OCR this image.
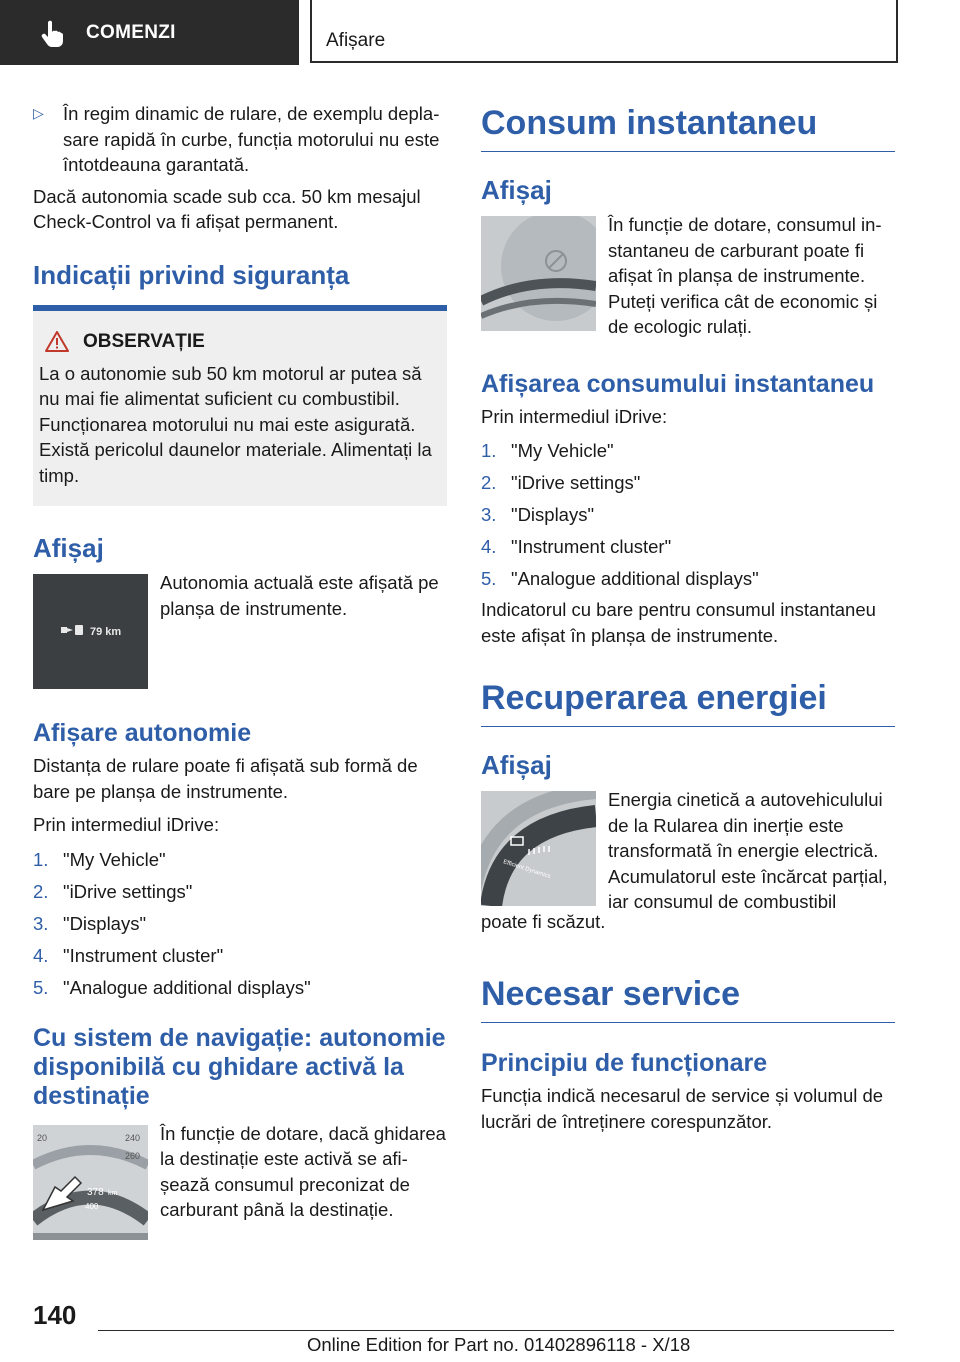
COMENZI	Afișare
▷	În regim dinamic de rulare, de exemplu deplasare rapidă în curbe, funcția motorului nu este întotdeauna garantată.

Dacă autonomia scade sub cca. 50 km mesajul Check-Control va fi afișat permanent.

Indicații privind siguranța
OBSERVAȚIE

La o autonomie sub 50 km motorul ar putea să nu mai fie alimentat suficient cu combustibil. Funcționarea motorului nu mai este asigurată. Există pericolul daunelor materiale. Alimentați la timp.

Afișaj
79 km

Autonomia actuală este afișată pe planșa de instrumente.

Afișare autonomie

Distanța de rulare poate fi afișată sub formă de bare pe planșa de instrumente.

Prin intermediul iDrive:

1. "My Vehicle"
2. "iDrive settings"
3. "Displays"
4. "Instrument cluster"
5. "Analogue additional displays"
Cu sistem de navigație: autonomie disponibilă cu ghidare activă la destinație
20	240
260
378 km
400

În funcție de dotare, dacă ghidarea la destinație este activă se afișează consumul preconizat de carburant până la destinație.

Consum instantaneu
Afișaj

În funcție de dotare, consumul instantaneu de carburant poate fi afișat în planșa de instrumente. Puteți verifica cât de economic și de ecologic rulați.

Afișarea consumului instantaneu

Prin intermediul iDrive:

1. "My Vehicle"
2. "iDrive settings"
3. "Displays"
4. "Instrument cluster"
5. "Analogue additional displays"

Indicatorul cu bare pentru consumul instantaneu este afișat în planșa de instrumente.

Recuperarea energiei
Afișaj
Efficient Dynamics

Energia cinetică a autovehiculului de la Rularea din inerție este transformată în energie electrică. Acumulatorul este încărcat parțial, iar consumul de combustibil

poate fi scăzut.

Necesar service
Principiu de funcționare

Funcția indică necesarul de service și volumul de lucrări de întreținere corespunzător.

140
Online Edition for Part no. 01402896118 - X/18
